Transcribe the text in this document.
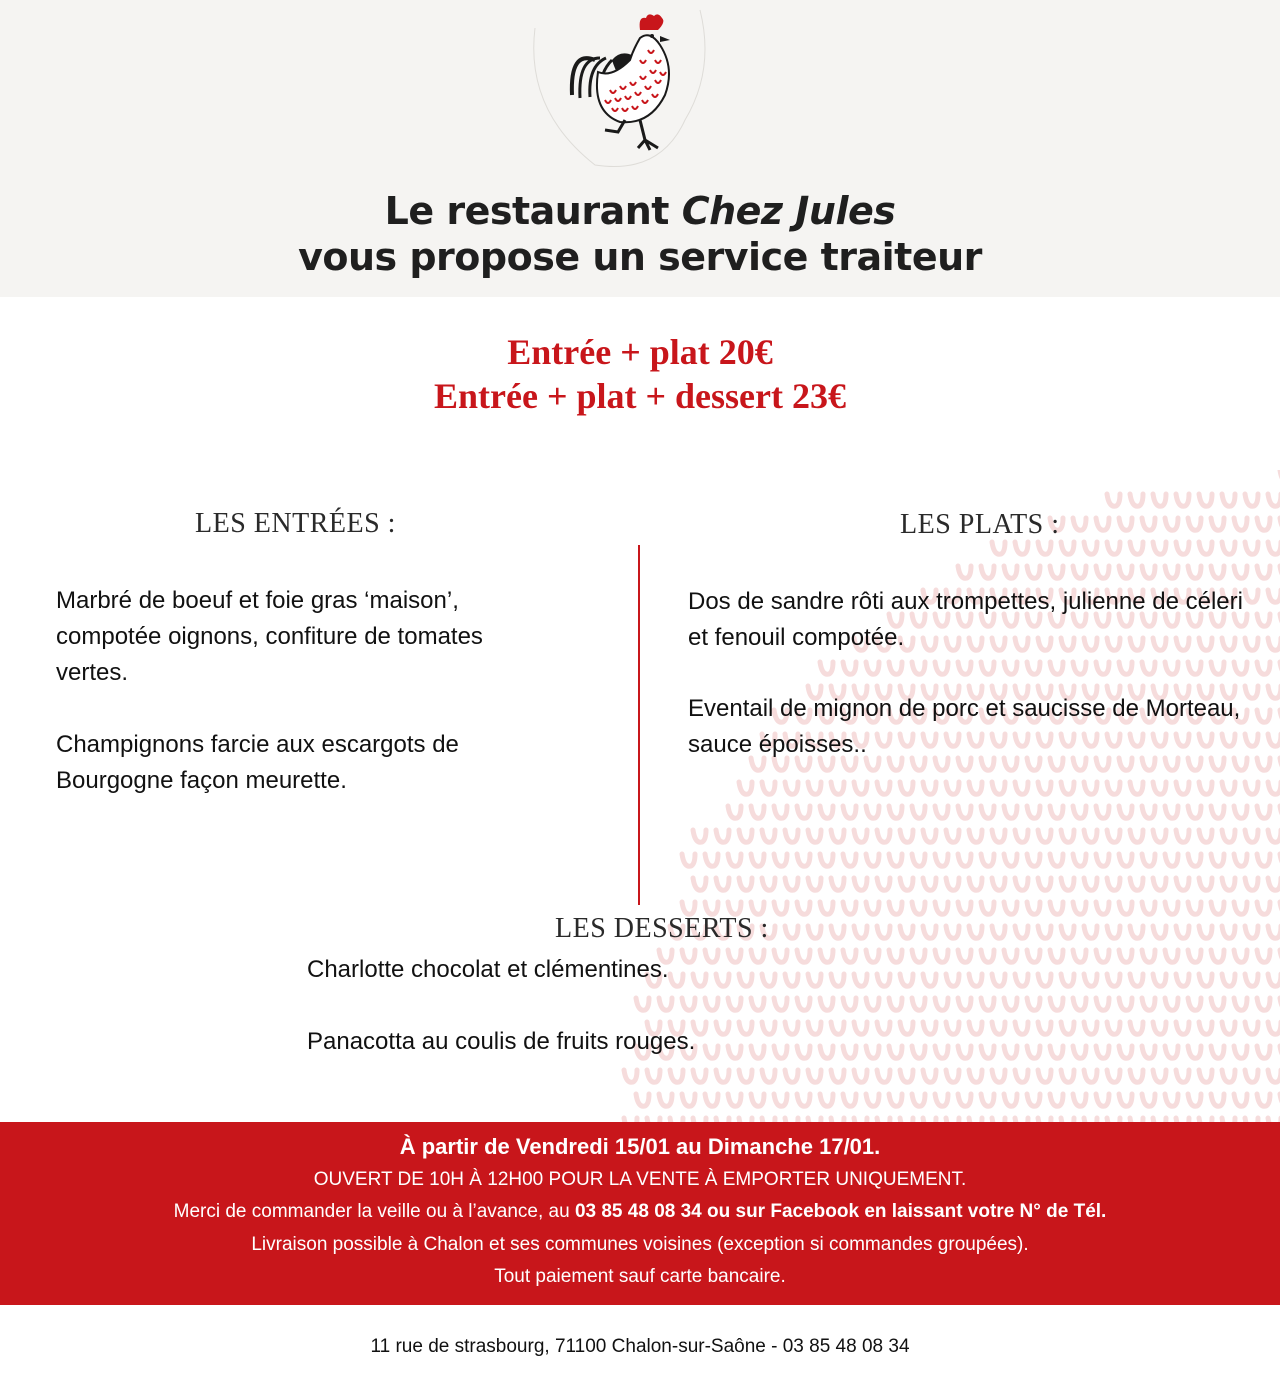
Le restaurant Chez Jules
vous propose un service traiteur
Entrée + plat 20€
Entrée + plat + dessert 23€
LES ENTRÉES :	LES PLATS :
Marbré de boeuf et foie gras ‘maison’, compotée oignons, confiture de tomates vertes.
Champignons farcie aux escargots de Bourgogne façon meurette.
Dos de sandre rôti aux trompettes, julienne de céleri et fenouil compotée.
Eventail de mignon de porc et saucisse de Morteau, sauce époisses..
LES DESSERTS :
Charlotte chocolat et clémentines.
Panacotta au coulis de fruits rouges.
À partir de Vendredi 15/01 au Dimanche 17/01.
OUVERT DE 10H À 12H00 POUR LA VENTE À EMPORTER UNIQUEMENT.
Merci de commander la veille ou à l’avance, au 03 85 48 08 34 ou sur Facebook en laissant votre N° de Tél.
Livraison possible à Chalon et ses communes voisines (exception si commandes groupées).
Tout paiement sauf carte bancaire.
11 rue de strasbourg, 71100 Chalon-sur-Saône - 03 85 48 08 34
